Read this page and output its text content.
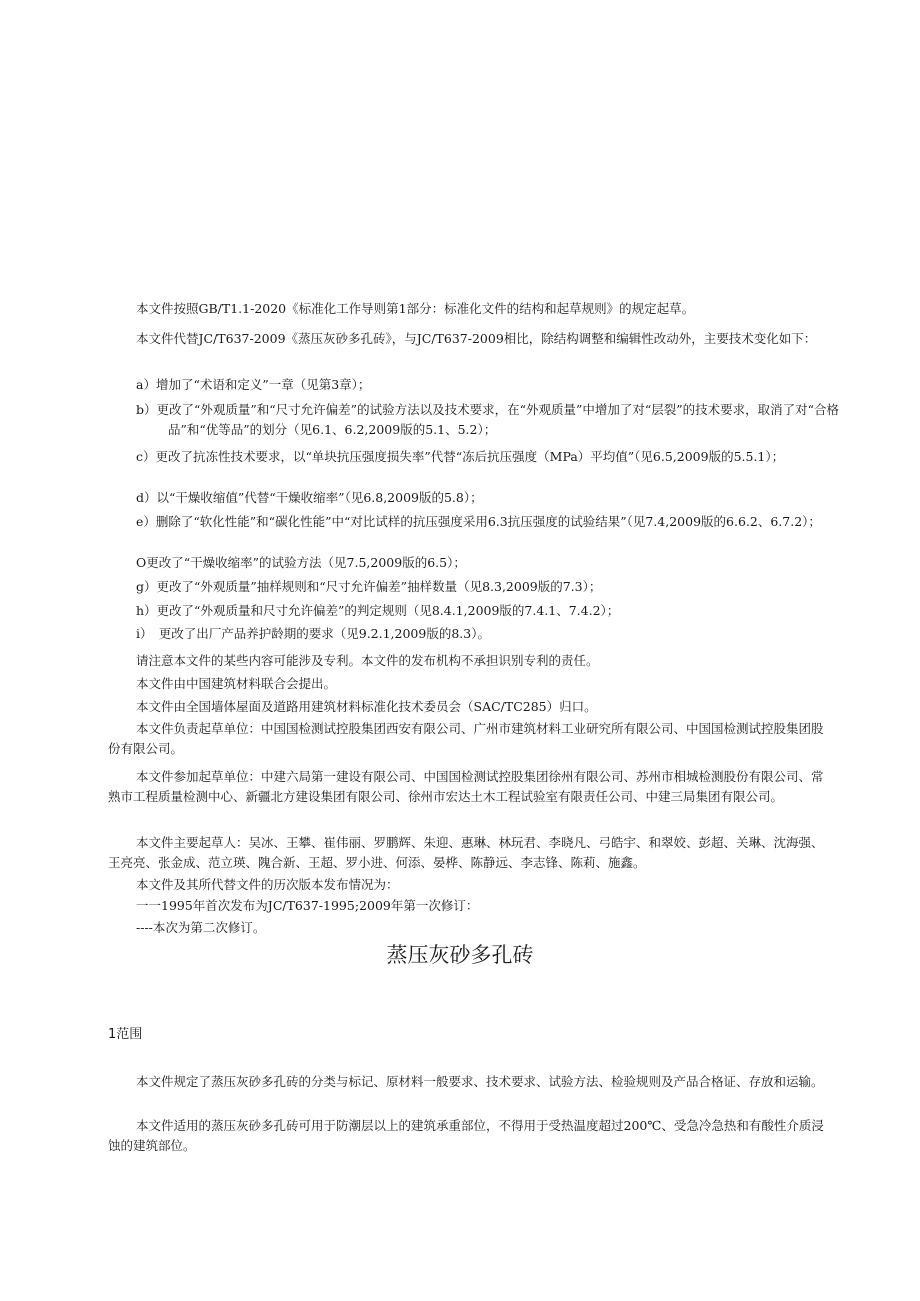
本文件按照GB/T1.1-2020《标准化工作导则第1部分：标准化文件的结构和起草规则》的规定起草。

本文件代替JC/T637-2009《蒸压灰砂多孔砖》，与JC/T637-2009相比，除结构调整和编辑性改动外，主要技术变化如下：

a）增加了“术语和定义”一章（见第3章）；

b）更改了“外观质量”和“尺寸允许偏差”的试验方法以及技术要求，在“外观质量”中增加了对“层裂”的技术要求，取消了对“合格品”和“优等品”的划分（见6.1、6.2,2009版的5.1、5.2）；

c）更改了抗冻性技术要求，以“单块抗压强度损失率”代替“冻后抗压强度（MPa）平均值”（见6.5,2009版的5.5.1）；

d）以“干燥收缩值”代替“干燥收缩率”（见6.8,2009版的5.8）；

e）删除了“软化性能”和“碳化性能”中“对比试样的抗压强度采用6.3抗压强度的试验结果”（见7.4,2009版的6.6.2、6.7.2）；

O更改了“干燥收缩率”的试验方法（见7.5,2009版的6.5）；

g）更改了“外观质量”抽样规则和“尺寸允许偏差”抽样数量（见8.3,2009版的7.3）；

h）更改了“外观质量和尺寸允许偏差”的判定规则（见8.4.1,2009版的7.4.1、7.4.2）；

i）　更改了出厂产品养护龄期的要求（见9.2.1,2009版的8.3）。

请注意本文件的某些内容可能涉及专利。本文件的发布机构不承担识别专利的责任。

本文件由中国建筑材料联合会提出。

本文件由全国墙体屋面及道路用建筑材料标准化技术委员会（SAC/TC285）归口。

本文件负责起草单位：中国国检测试控股集团西安有限公司、广州市建筑材料工业研究所有限公司、中国国检测试控股集团股份有限公司。

本文件参加起草单位：中建六局第一建设有限公司、中国国检测试控股集团徐州有限公司、苏州市相城检测股份有限公司、常熟市工程质量检测中心、新疆北方建设集团有限公司、徐州市宏达土木工程试验室有限责任公司、中建三局集团有限公司。

本文件主要起草人：吴冰、王攀、崔伟丽、罗鹏辉、朱迎、惠琳、林玩君、李晓凡、弓皓宇、和翠姣、彭超、关琳、沈海强、王亮亮、张金成、范立瑛、隗合新、王超、罗小进、何添、晏桦、陈静远、李志锋、陈莉、施鑫。

本文件及其所代替文件的历次版本发布情况为：

一一1995年首次发布为JC/T637-1995;2009年第一次修订：

----本次为第二次修订。

蒸压灰砂多孔砖
1范围

本文件规定了蒸压灰砂多孔砖的分类与标记、原材料一般要求、技术要求、试验方法、检验规则及产品合格证、存放和运输。

本文件适用的蒸压灰砂多孔砖可用于防潮层以上的建筑承重部位，不得用于受热温度超过200℃、受急冷急热和有酸性介质浸蚀的建筑部位。
